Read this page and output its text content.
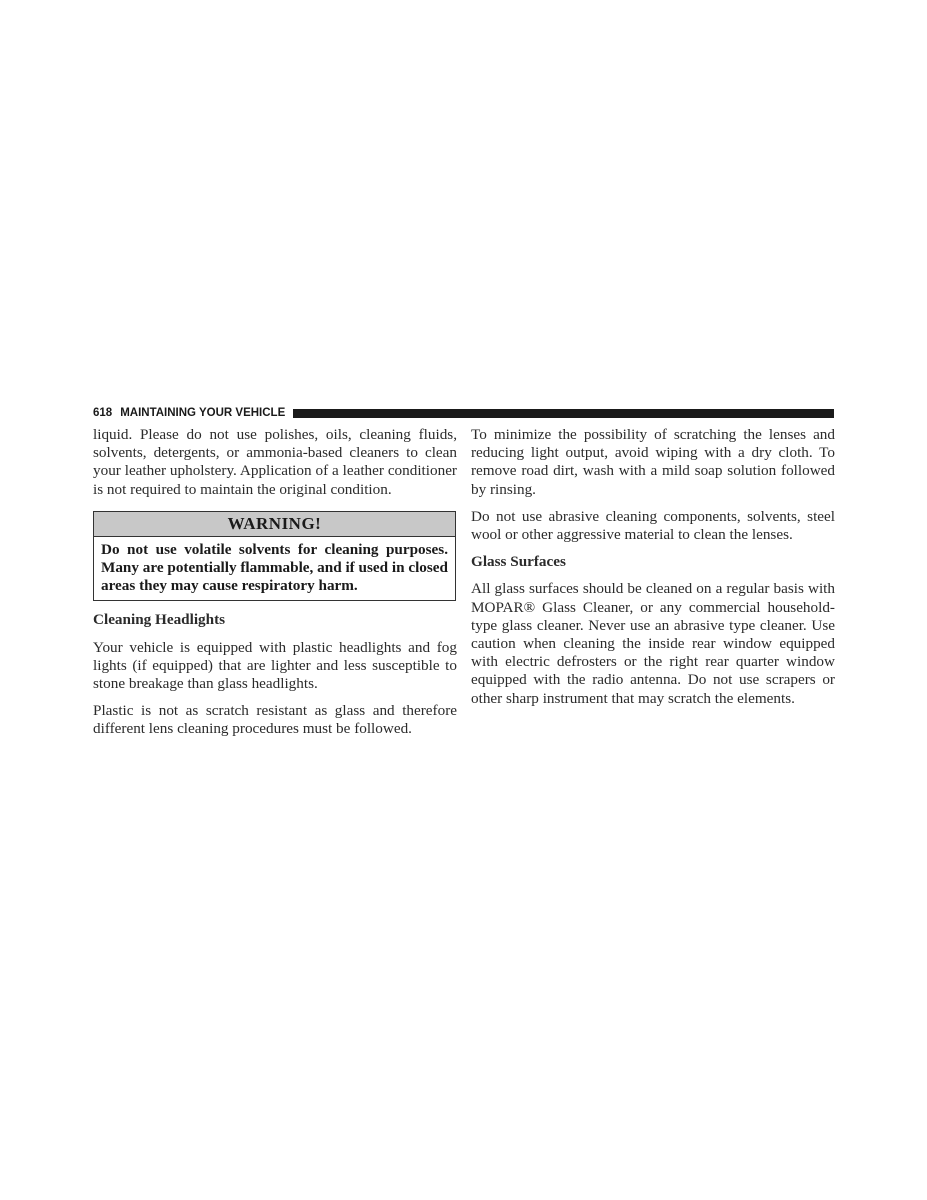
618 MAINTAINING YOUR VEHICLE

liquid. Please do not use polishes, oils, cleaning fluids, solvents, detergents, or ammonia-based cleaners to clean your leather upholstery. Application of a leather conditioner is not required to maintain the original condition.

WARNING!
Do not use volatile solvents for cleaning purposes. Many are potentially flammable, and if used in closed areas they may cause respiratory harm.
Cleaning Headlights

Your vehicle is equipped with plastic headlights and fog lights (if equipped) that are lighter and less susceptible to stone breakage than glass headlights.

Plastic is not as scratch resistant as glass and therefore different lens cleaning procedures must be followed.

To minimize the possibility of scratching the lenses and reducing light output, avoid wiping with a dry cloth. To remove road dirt, wash with a mild soap solution followed by rinsing.

Do not use abrasive cleaning components, solvents, steel wool or other aggressive material to clean the lenses.

Glass Surfaces

All glass surfaces should be cleaned on a regular basis with MOPAR® Glass Cleaner, or any commercial household-type glass cleaner. Never use an abrasive type cleaner. Use caution when cleaning the inside rear window equipped with electric defrosters or the right rear quarter window equipped with the radio antenna. Do not use scrapers or other sharp instrument that may scratch the elements.
